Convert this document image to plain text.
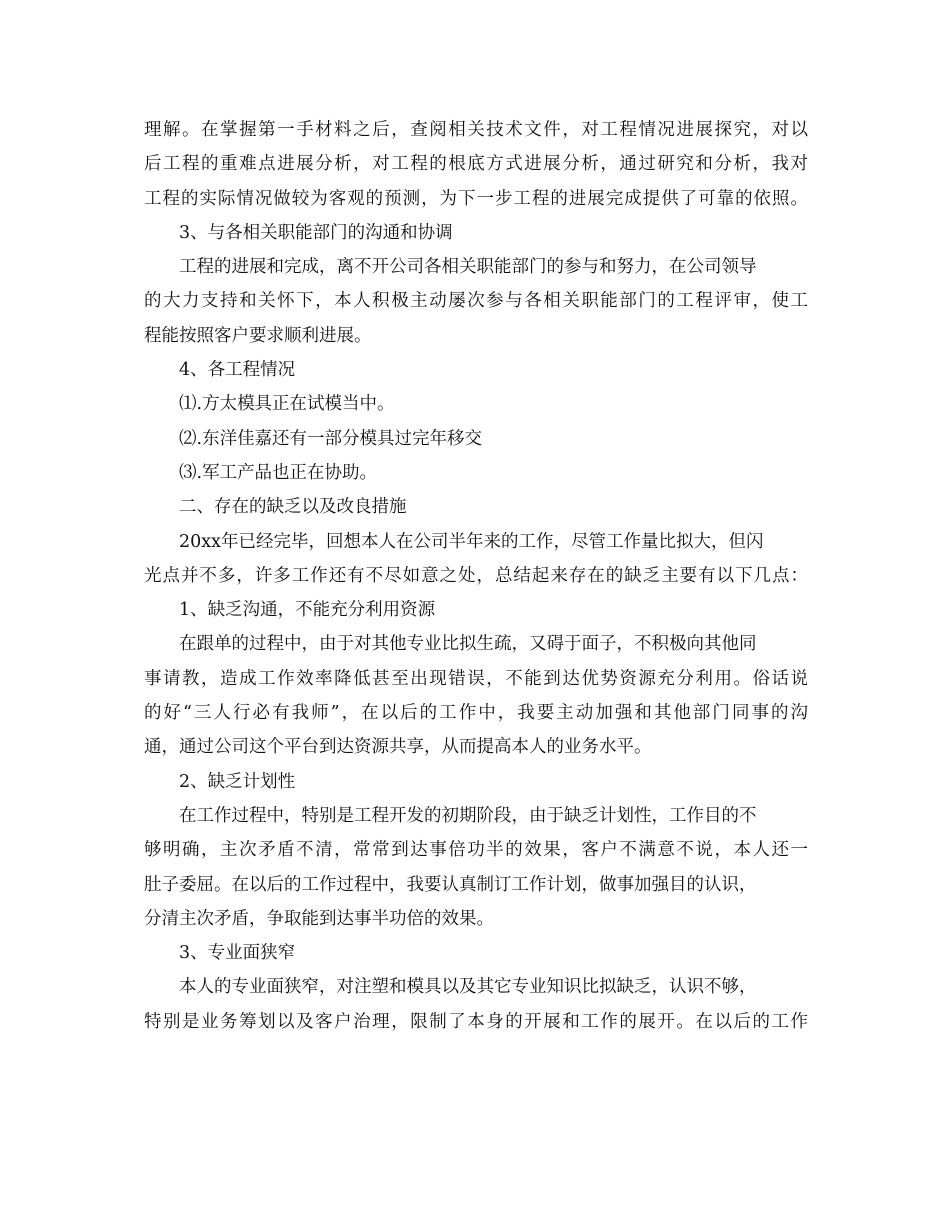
理解。在掌握第一手材料之后，查阅相关技术文件，对工程情况进展探究，对以
后工程的重难点进展分析，对工程的根底方式进展分析，通过研究和分析，我对
工程的实际情况做较为客观的预测，为下一步工程的进展完成提供了可靠的依照。
3、与各相关职能部门的沟通和协调
工程的进展和完成，离不开公司各相关职能部门的参与和努力，在公司领导
的大力支持和关怀下，本人积极主动屡次参与各相关职能部门的工程评审，使工
程能按照客户要求顺利进展。
4、各工程情况
⑴.方太模具正在试模当中。
⑵.东洋佳嘉还有一部分模具过完年移交
⑶.军工产品也正在协助。
二、存在的缺乏以及改良措施
20xx年已经完毕，回想本人在公司半年来的工作，尽管工作量比拟大，但闪
光点并不多，许多工作还有不尽如意之处，总结起来存在的缺乏主要有以下几点：
1、缺乏沟通，不能充分利用资源
在跟单的过程中，由于对其他专业比拟生疏，又碍于面子，不积极向其他同
事请教，造成工作效率降低甚至出现错误，不能到达优势资源充分利用。俗话说
的好“三人行必有我师”，在以后的工作中，我要主动加强和其他部门同事的沟
通，通过公司这个平台到达资源共享，从而提高本人的业务水平。
2、缺乏计划性
在工作过程中，特别是工程开发的初期阶段，由于缺乏计划性，工作目的不
够明确，主次矛盾不清，常常到达事倍功半的效果，客户不满意不说，本人还一
肚子委屈。在以后的工作过程中，我要认真制订工作计划，做事加强目的认识，
分清主次矛盾，争取能到达事半功倍的效果。
3、专业面狭窄
本人的专业面狭窄，对注塑和模具以及其它专业知识比拟缺乏，认识不够，
特别是业务筹划以及客户治理，限制了本身的开展和工作的展开。在以后的工作
